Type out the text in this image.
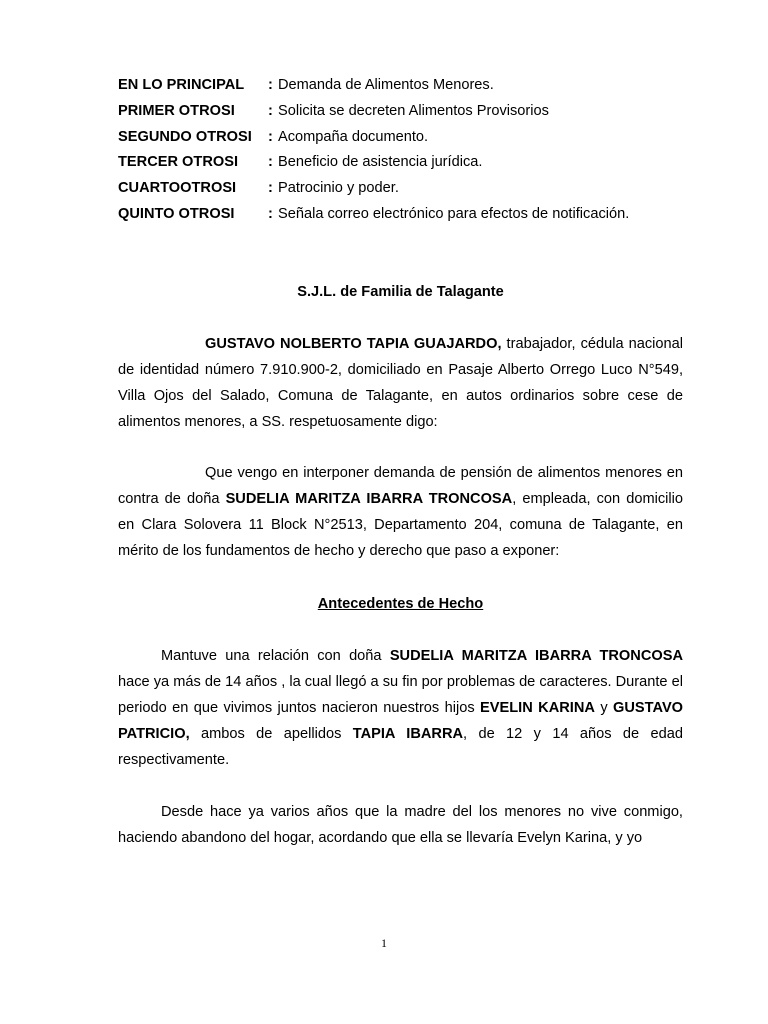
EN LO PRINCIPAL : Demanda de Alimentos Menores.
PRIMER OTROSI : Solicita se decreten Alimentos Provisorios
SEGUNDO OTROSI : Acompaña documento.
TERCER OTROSI : Beneficio de asistencia jurídica.
CUARTOOTROSI : Patrocinio y poder.
QUINTO OTROSI : Señala correo electrónico para efectos de notificación.
S.J.L. de Familia de Talagante
GUSTAVO NOLBERTO TAPIA GUAJARDO, trabajador, cédula nacional de identidad número 7.910.900-2, domiciliado en Pasaje Alberto Orrego Luco N°549, Villa Ojos del Salado, Comuna de Talagante, en autos ordinarios sobre cese de alimentos menores, a SS. respetuosamente digo:
Que vengo en interponer demanda de pensión de alimentos menores en contra de doña SUDELIA MARITZA IBARRA TRONCOSA, empleada, con domicilio en Clara Solovera 11 Block N°2513, Departamento 204, comuna de Talagante, en mérito de los fundamentos de hecho y derecho que paso a exponer:
Antecedentes de Hecho
Mantuve una relación con doña SUDELIA MARITZA IBARRA TRONCOSA hace ya más de 14 años , la cual llegó a su fin por problemas de caracteres. Durante el periodo en que vivimos juntos nacieron nuestros hijos EVELIN KARINA y GUSTAVO PATRICIO, ambos de apellidos TAPIA IBARRA, de 12 y 14 años de edad respectivamente.
Desde hace ya varios años que la madre del los menores no vive conmigo, haciendo abandono del hogar, acordando que ella se llevaría Evelyn Karina, y yo
1
